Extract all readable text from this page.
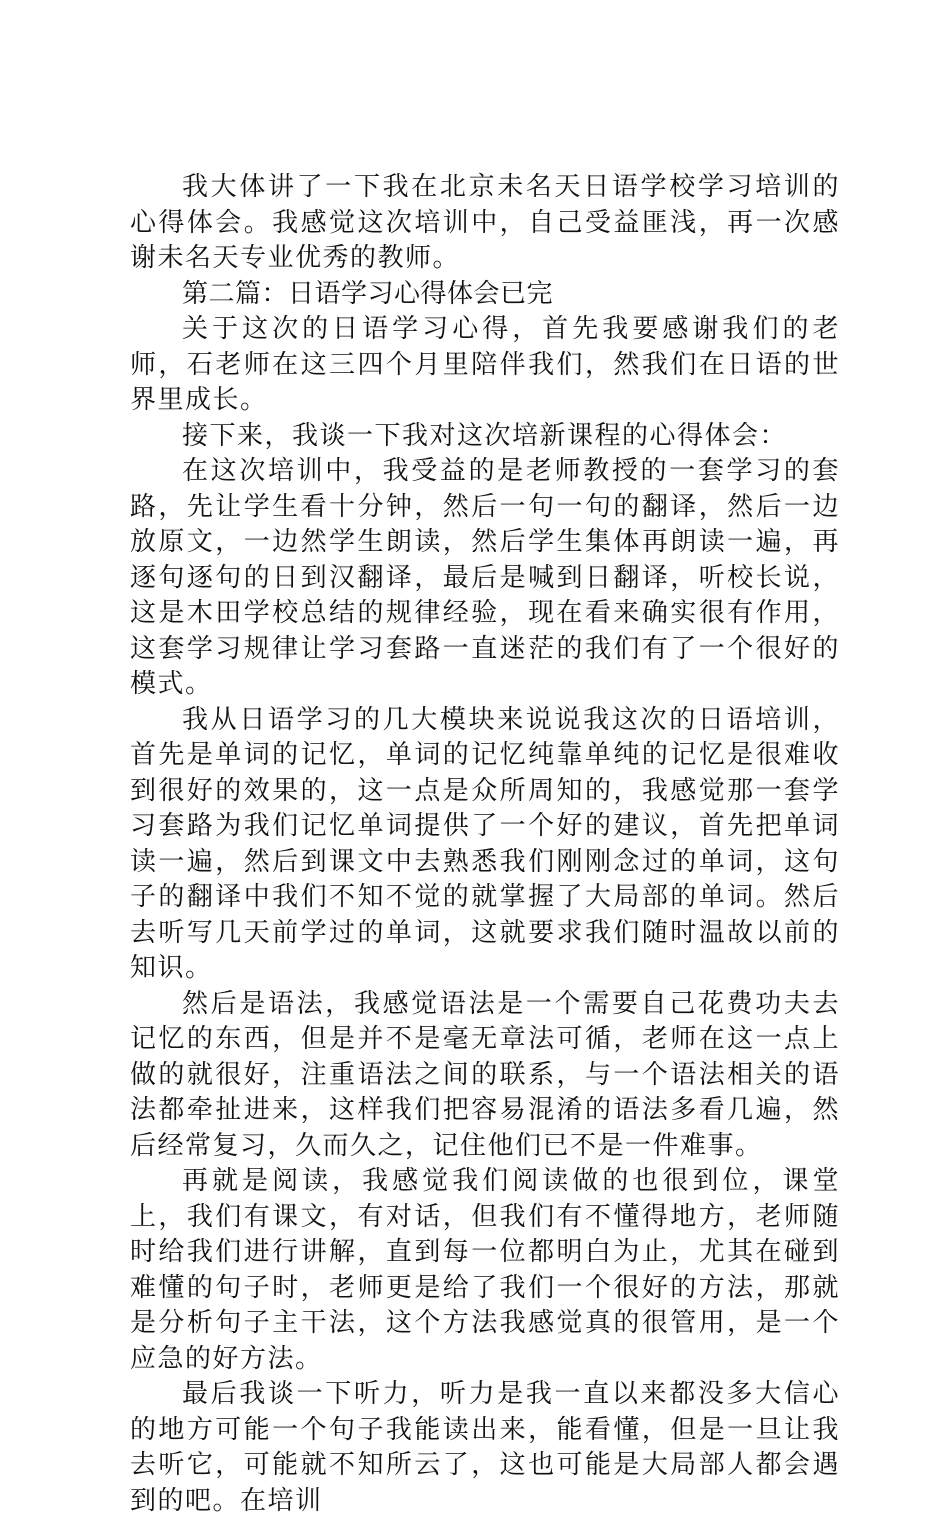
我大体讲了一下我在北京未名天日语学校学习培训的心得体会。我感觉这次培训中，自己受益匪浅，再一次感谢未名天专业优秀的教师。

第二篇：日语学习心得体会已完

关于这次的日语学习心得，首先我要感谢我们的老师，石老师在这三四个月里陪伴我们，然我们在日语的世界里成长。

接下来，我谈一下我对这次培新课程的心得体会：

在这次培训中，我受益的是老师教授的一套学习的套路，先让学生看十分钟，然后一句一句的翻译，然后一边放原文，一边然学生朗读，然后学生集体再朗读一遍，再逐句逐句的日到汉翻译，最后是喊到日翻译，听校长说，这是木田学校总结的规律经验，现在看来确实很有作用，这套学习规律让学习套路一直迷茫的我们有了一个很好的模式。

我从日语学习的几大模块来说说我这次的日语培训，首先是单词的记忆，单词的记忆纯靠单纯的记忆是很难收到很好的效果的，这一点是众所周知的，我感觉那一套学习套路为我们记忆单词提供了一个好的建议，首先把单词读一遍，然后到课文中去熟悉我们刚刚念过的单词，这句子的翻译中我们不知不觉的就掌握了大局部的单词。然后去听写几天前学过的单词，这就要求我们随时温故以前的知识。

然后是语法，我感觉语法是一个需要自己花费功夫去记忆的东西，但是并不是毫无章法可循，老师在这一点上做的就很好，注重语法之间的联系，与一个语法相关的语法都牵扯进来，这样我们把容易混淆的语法多看几遍，然后经常复习，久而久之，记住他们已不是一件难事。

再就是阅读，我感觉我们阅读做的也很到位，课堂上，我们有课文，有对话，但我们有不懂得地方，老师随时给我们进行讲解，直到每一位都明白为止，尤其在碰到难懂的句子时，老师更是给了我们一个很好的方法，那就是分析句子主干法，这个方法我感觉真的很管用，是一个应急的好方法。

最后我谈一下听力，听力是我一直以来都没多大信心的地方可能一个句子我能读出来，能看懂，但是一旦让我去听它，可能就不知所云了，这也可能是大局部人都会遇到的吧。在培训
